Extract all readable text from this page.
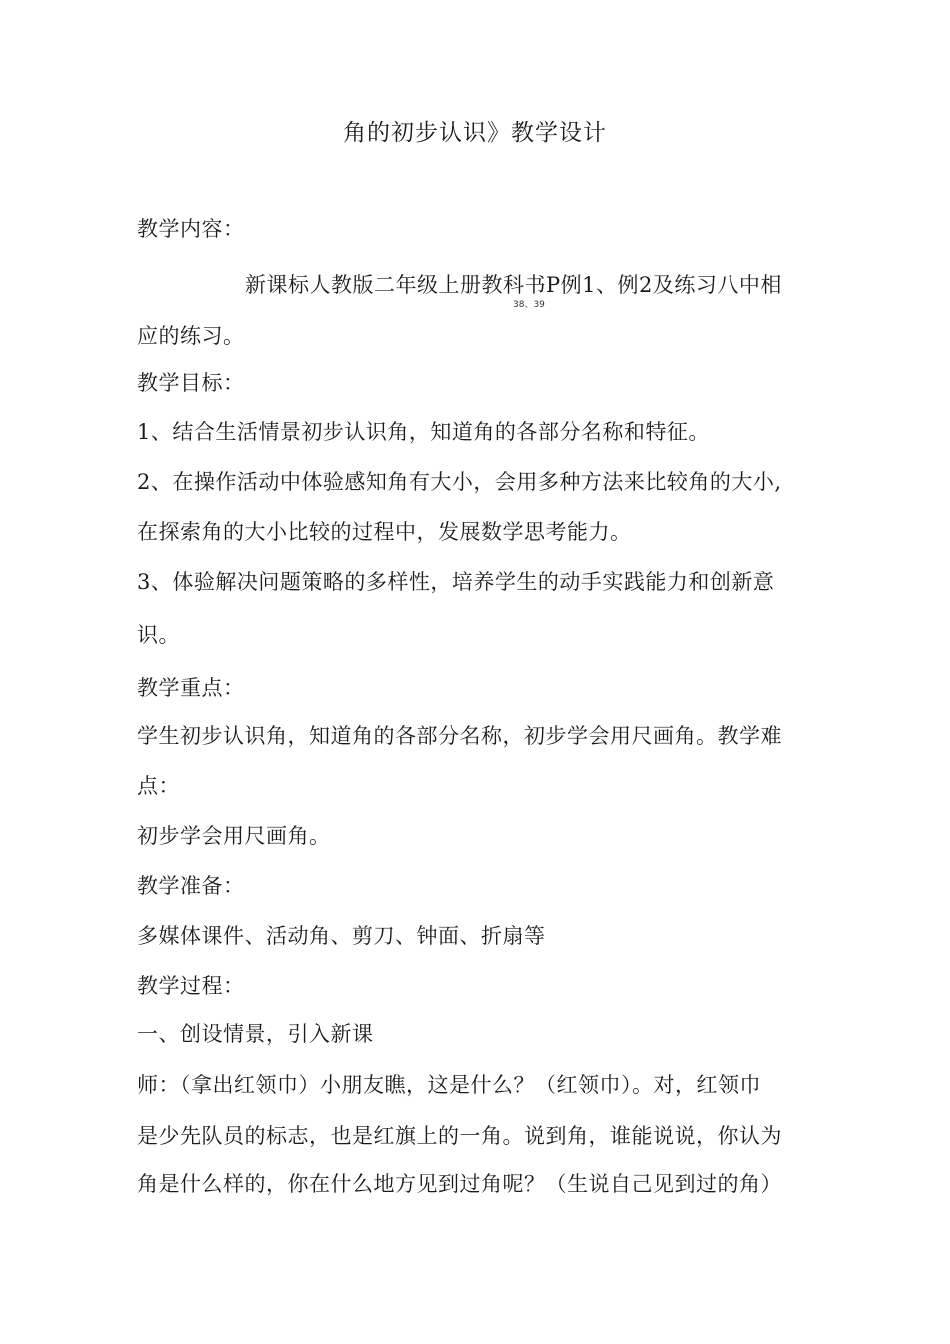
角的初步认识》教学设计
教学内容：
新课标人教版二年级上册教科书P例1、例2及练习八中相
38、39
应的练习。
教学目标：
1、结合生活情景初步认识角，知道角的各部分名称和特征。
2、在操作活动中体验感知角有大小，会用多种方法来比较角的大小,
在探索角的大小比较的过程中，发展数学思考能力。
3、体验解决问题策略的多样性，培养学生的动手实践能力和创新意
识。
教学重点：
学生初步认识角，知道角的各部分名称，初步学会用尺画角。教学难
点：
初步学会用尺画角。
教学准备：
多媒体课件、活动角、剪刀、钟面、折扇等
教学过程：
一、创设情景，引入新课
师：（拿出红领巾）小朋友瞧，这是什么？（红领巾）。对，红领巾
是少先队员的标志，也是红旗上的一角。说到角，谁能说说，你认为
角是什么样的，你在什么地方见到过角呢？（生说自己见到过的角）
